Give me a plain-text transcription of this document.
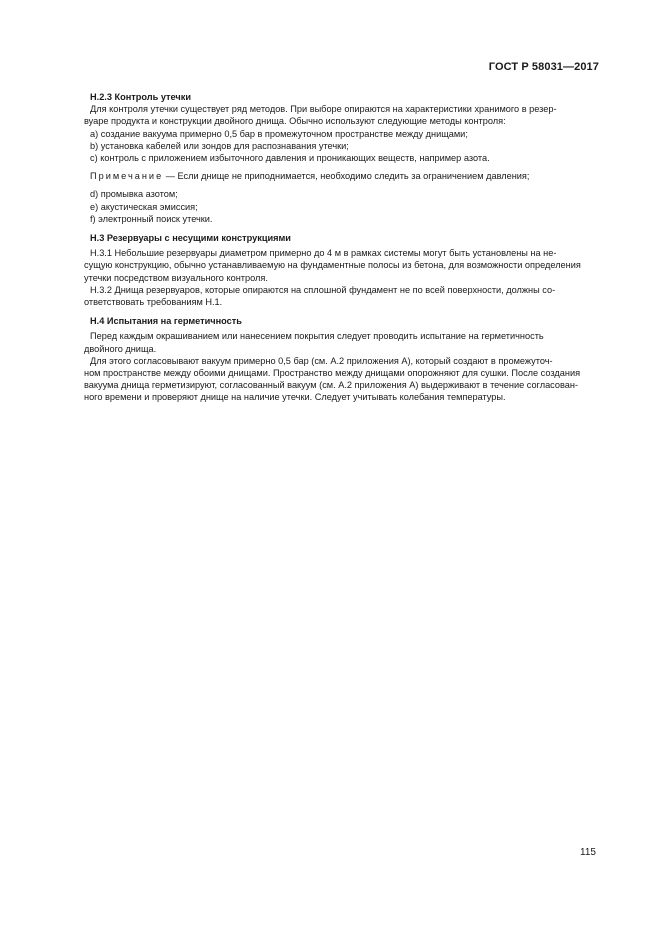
ГОСТ Р 58031—2017
Н.2.3 Контроль утечки
Для контроля утечки существует ряд методов. При выборе опираются на характеристики хранимого в резер-
вуаре продукта и конструкции двойного днища. Обычно используют следующие методы контроля:
a) создание вакуума примерно 0,5 бар в промежуточном пространстве между днищами;
b) установка кабелей или зондов для распознавания утечки;
c) контроль с приложением избыточного давления и проникающих веществ, например азота.
Примечание — Если днище не приподнимается, необходимо следить за ограничением давления;
d) промывка азотом;
e) акустическая эмиссия;
f) электронный поиск утечки.
Н.3 Резервуары с несущими конструкциями
Н.3.1 Небольшие резервуары диаметром примерно до 4 м в рамках системы могут быть установлены на не-
сущую конструкцию, обычно устанавливаемую на фундаментные полосы из бетона, для возможности определения
утечки посредством визуального контроля.
Н.3.2 Днища резервуаров, которые опираются на сплошной фундамент не по всей поверхности, должны со-
ответствовать требованиям Н.1.
Н.4 Испытания на герметичность
Перед каждым окрашиванием или нанесением покрытия следует проводить испытание на герметичность
двойного днища.
Для этого согласовывают вакуум примерно 0,5 бар (см. А.2 приложения А), который создают в промежуточ-
ном пространстве между обоими днищами. Пространство между днищами опорожняют для сушки. После создания
вакуума днища герметизируют, согласованный вакуум (см. А.2 приложения А) выдерживают в течение согласован-
ного времени и проверяют днище на наличие утечки. Следует учитывать колебания температуры.
115
